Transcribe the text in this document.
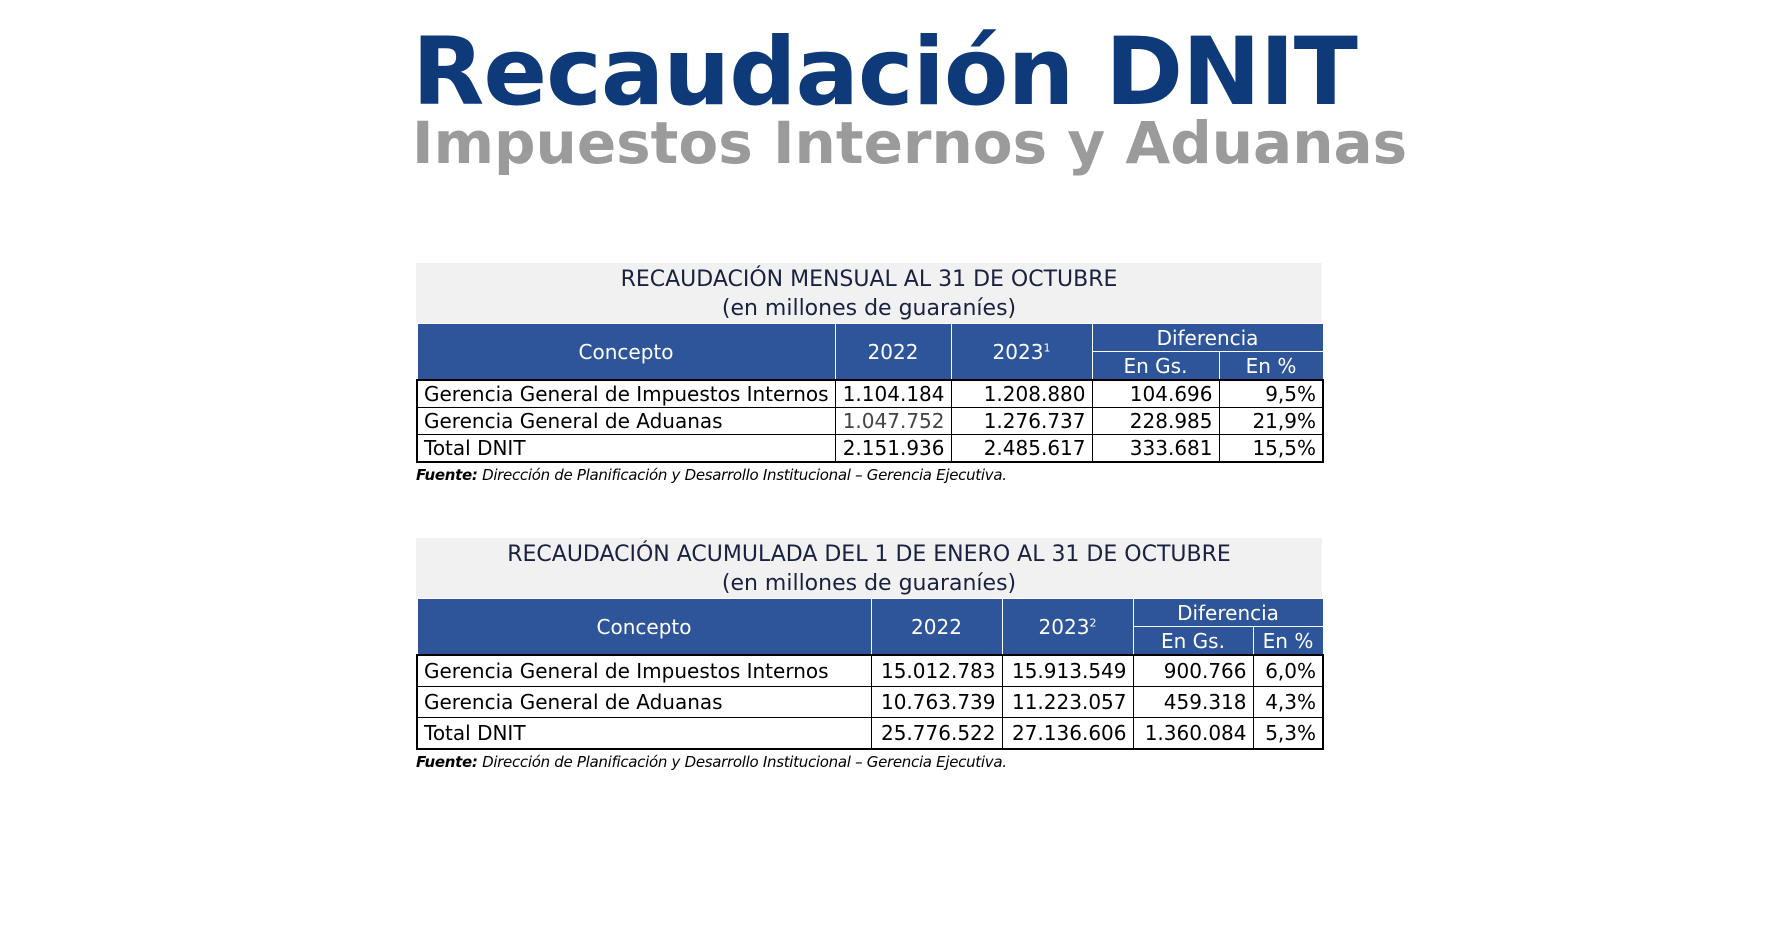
Recaudación DNIT
Impuestos Internos y Aduanas
RECAUDACIÓN MENSUAL AL 31 DE OCTUBRE
(en millones de guaraníes)
Concepto	2022	2023$^1$	Diferencia	
			En Gs.	En %
Gerencia General de Impuestos Internos	1.104.184	1.208.880	104.696	9,5%
Gerencia General de Aduanas	1.047.752	1.276.737	228.985	21,9%
Total DNIT	2.151.936	2.485.617	333.681	15,5%
Fuente: Dirección de Planificación y Desarrollo Institucional – Gerencia Ejecutiva.
RECAUDACIÓN ACUMULADA DEL 1 DE ENERO AL 31 DE OCTUBRE
(en millones de guaraníes)
Concepto	2022	2023$^2$	Diferencia	
			En Gs.	En %
Gerencia General de Impuestos Internos	15.012.783	15.913.549	900.766	6,0%
Gerencia General de Aduanas	10.763.739	11.223.057	459.318	4,3%
Total DNIT	25.776.522	27.136.606	1.360.084	5,3%
Fuente: Dirección de Planificación y Desarrollo Institucional – Gerencia Ejecutiva.
